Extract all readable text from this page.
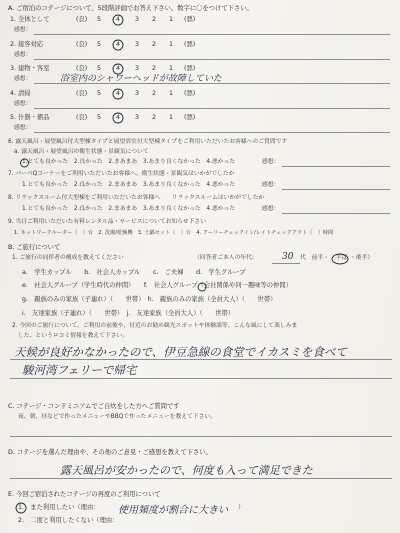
A. ご宿泊のコテージについて、5段階評価でお答え下さい。数字に〇をつけて下さい。
1. 全体として	(良) 5 4 3 2 1 (悪)
感想：
2. 接客対応	(良) 5 4 3 2 1 (悪)
感想：
3. 建物・客室	(良) 5 4 3 2 1 (悪)
感想：	浴室内のシャワーヘッドが故障していた
4. 清掃	(良) 5 4 3 2 1 (悪)
感想：
5. 什器・備品	(良) 5 4 3 2 1 (悪)
感想：
6. 露天風呂・展望風呂付大型棟タイプと展望浴室付大型棟タイプをご利用いただいたお客様へのご質問です
a. 露天風呂・展望風呂の衛生状態・景観気について
1.とても良かった　2.良かった　2.まあまあ　3.あまり良くなかった　4.悪かった	感想：
7. バーベQコーナーをご利用いただいたお客様へ、衛生状態・景観気はいかがでしたか
1.とても良かった　2.良かった　2.まあまあ　3.あまり良くなかった　4.悪かった	感想：
8. リラックスルーム付大型棟をご利用いただいたお客様へ　　リラックスルームはいかがでしたか
1.とても良かった　2.良かった　2.まあまあ　3.あまり良くなかった　4.悪かった	感想：
9. 当日ご利用いただいた有料レンタル品・サービスについてお知らせ下さい
1. ネットワークルーター（　）台　2. 洗濯/乾燥機　3. 土鍋セット（　）台　4. アーリーチェックイン/レイトチェックアウト（　）時間
B. ご旅行について
1. ご旅行の同伴者の構成を教えてください	（回答者ご本人の年代:	30 代　前半・ 半ば ・後半）
a.　学生カップル　　b.　社会人カップル　　c.　ご夫婦　　d.　学生グループ
e.　社会人グループ（学生時代の仲間）　　f.　社会人グループ（会社関係や同一趣味等の仲間）
g.　親族のみの家族（子連れ）（　　世帯）　h.　親族のみの家族（全員大人）（　　世帯）
i.　友達家族（子連れ）（　　世帯）　j.　友達家族（全員大人）（　　世帯）
2. 今回のご旅行について、ご利用の前後や、付近のお勧め観光スポットや体験談等、こんな風にして楽しみま
した、というロコミ情報を教えて下さい。
天候が良好かなかったので、伊豆急線の食堂でイカスミを食べて
駿河湾フェリーで帰宅
C. コテージ・コンドミニアムでご自炊をした方へご質問です
夜、朝、昼などで作ったメニューやBBQで作ったメニューを教えて下さい。
D. コテージを選んだ理由や、その他のご意見・ご感想を教えて下さい。
露天風呂が安かったので、何度も入って満足できた
E. 今回ご宿泊されたコテージの再度のご利用について
1.　また利用したい（理由： 使用頻度が割合に大きい ）
2.　二度と利用したくない（理由：
